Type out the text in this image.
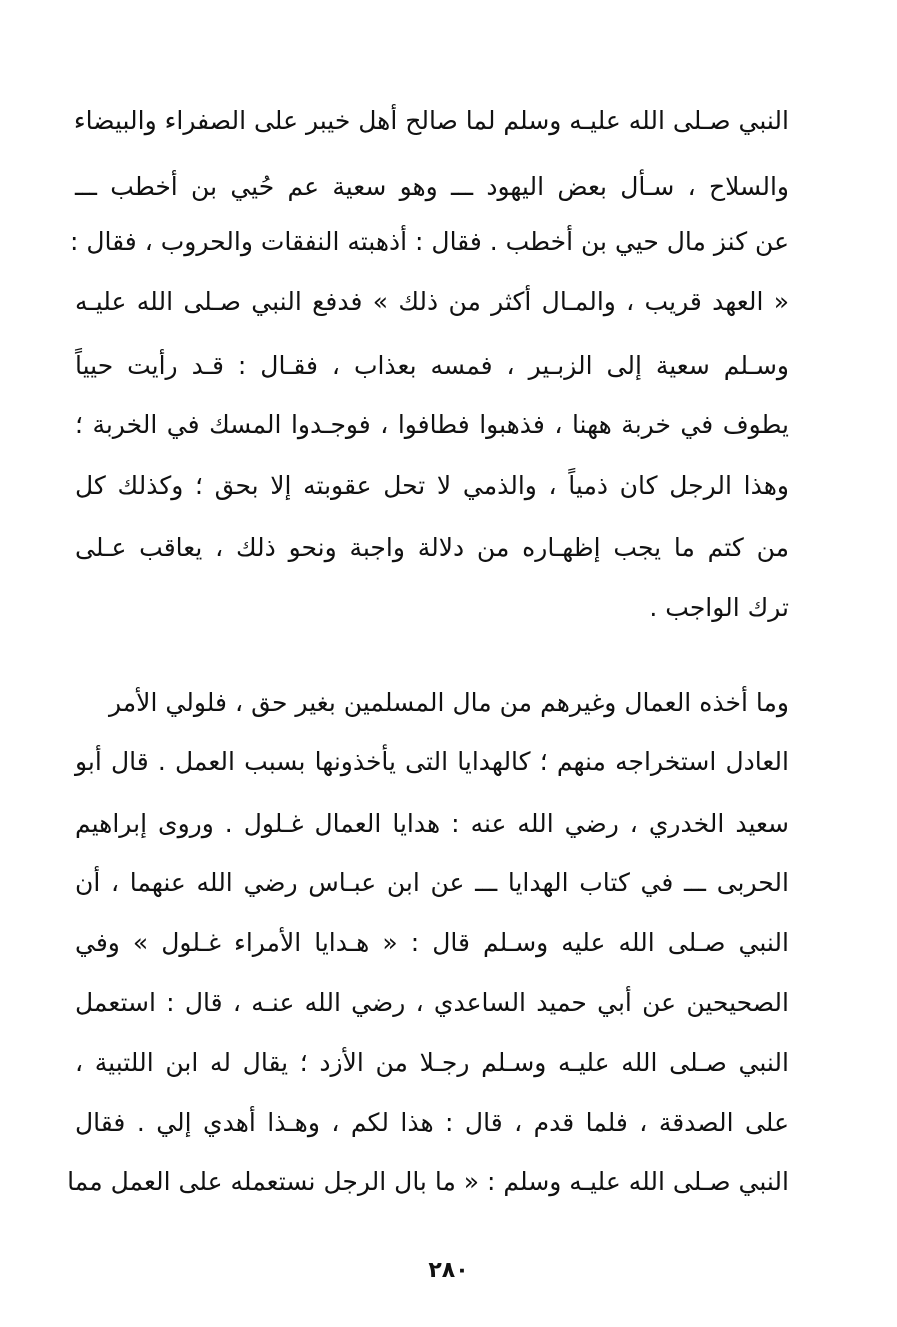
النبي صـلى الله عليـه وسلم لما صالح أهل خيبر على الصفراء والبيضاء
والسلاح ، سـأل بعض اليهود ـــ وهو سعية عم حُيي بن أخطب ـــ
عن كنز مال حيي بن أخطب . فقال : أذهبته النفقات والحروب ، فقال :
« العهد قريب ، والمـال أكثر من ذلك » فدفع النبي صـلى الله عليـه
وسـلم سعية إلى الزبـير ، فمسه بعذاب ، فقـال : قـد رأيت حيياً
يطوف في خربة ههنا ، فذهبوا فطافوا ، فوجـدوا المسك في الخربة ؛
وهذا الرجل كان ذمياً ، والذمي لا تحل عقوبته إلا بحق ؛ وكذلك كل
من كتم ما يجب إظهـاره من دلالة واجبة ونحو ذلك ، يعاقب عـلى
ترك الواجب .
وما أخذه العمال وغيرهم من مال المسلمين بغير حق ، فلولي الأمر
العادل استخراجه منهم ؛ كالهدايا التى يأخذونها بسبب العمل . قال أبو
سعيد الخدري ، رضي الله عنه : هدايا العمال غـلول . وروى إبراهيم
الحربى ـــ في كتاب الهدايا ـــ عن ابن عبـاس رضي الله عنهما ، أن
النبي صـلى الله عليه وسـلم قال : « هـدايا الأمراء غـلول » وفي
الصحيحين عن أبي حميد الساعدي ، رضي الله عنـه ، قال : استعمل
النبي صـلى الله عليـه وسـلم رجـلا من الأزد ؛ يقال له ابن اللتبية ،
على الصدقة ، فلما قدم ، قال : هذا لكم ، وهـذا أهدي إلي . فقال
النبي صـلى الله عليـه وسلم : « ما بال الرجل نستعمله على العمل مما
٢٨٠
